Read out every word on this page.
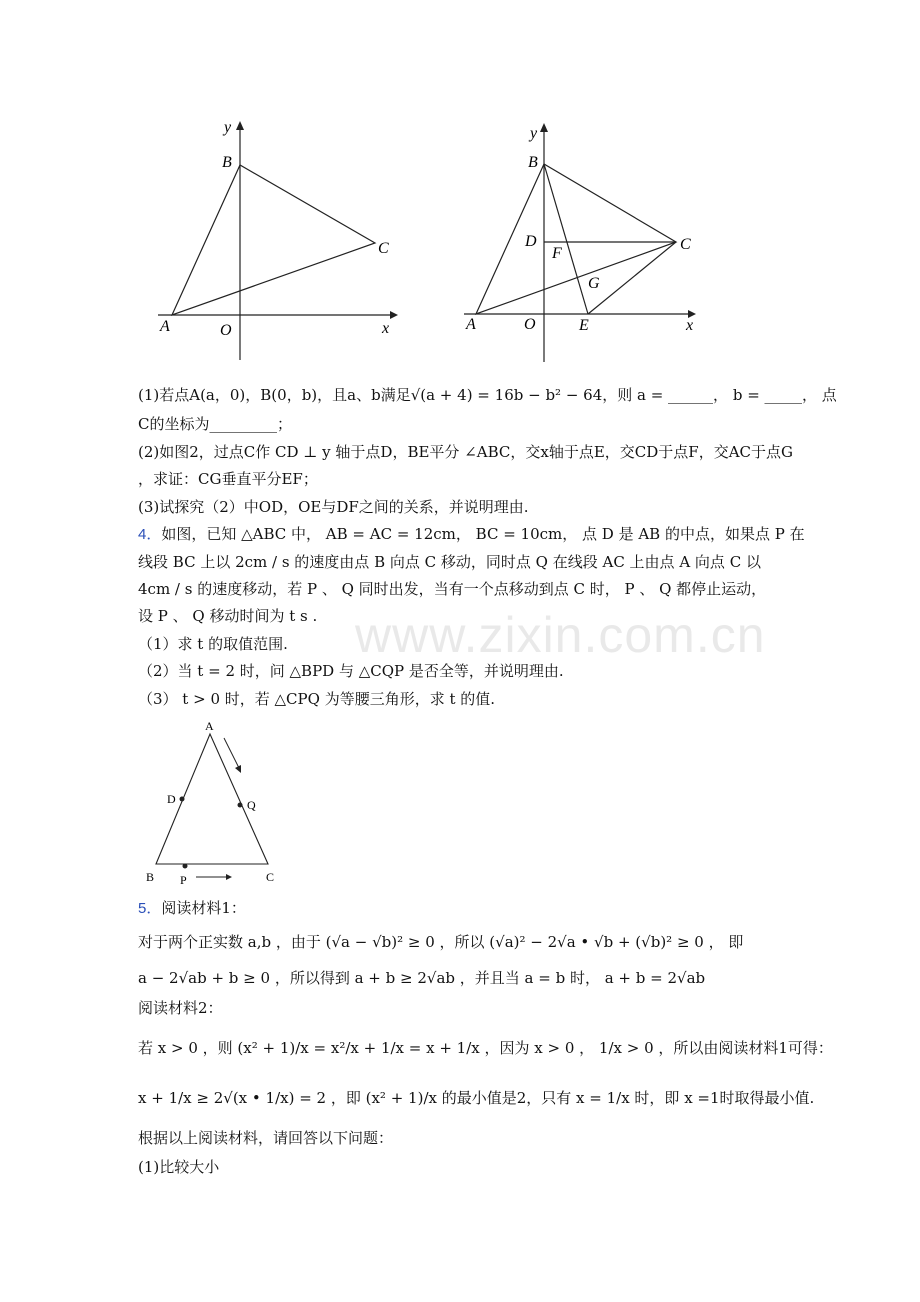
y
B
C
A	O	x
y
B
D
F
C
G
A	O	E	x
(1)若点A(a，0)，B(0，b)，且a、b满足√(a + 4) = 16b − b² − 64，则 a = ______， b = _____， 点
C的坐标为_________；
(2)如图2，过点C作 CD ⊥ y 轴于点D，BE平分 ∠ABC，交x轴于点E，交CD于点F，交AC于点G
，求证：CG垂直平分EF；
(3)试探究（2）中OD，OE与DF之间的关系，并说明理由.
4．如图，已知 △ABC 中， AB = AC = 12cm， BC = 10cm， 点 D 是 AB 的中点，如果点 P 在
线段 BC 上以 2cm / s 的速度由点 B 向点 C 移动，同时点 Q 在线段 AC 上由点 A 向点 C 以
4cm / s 的速度移动，若 P 、 Q 同时出发，当有一个点移动到点 C 时， P 、 Q 都停止运动，
设 P 、 Q 移动时间为 t s .
（1）求 t 的取值范围.
（2）当 t = 2 时，问 △BPD 与 △CQP 是否全等，并说明理由.
（3） t > 0 时，若 △CPQ 为等腰三角形，求 t 的值.
A
D	Q
B P	C
www.zixin.com.cn
5．阅读材料1：
对于两个正实数 a,b ，由于 (√a − √b)² ≥ 0 ，所以 (√a)² − 2√a • √b + (√b)² ≥ 0 ， 即
a − 2√ab + b ≥ 0 ，所以得到 a + b ≥ 2√ab ，并且当 a = b 时， a + b = 2√ab
阅读材料2：
若 x > 0 ，则 (x² + 1)/x = x²/x + 1/x = x + 1/x ，因为 x > 0 ， 1/x > 0 ，所以由阅读材料1可得：
x + 1/x ≥ 2√(x • 1/x) = 2 ，即 (x² + 1)/x 的最小值是2，只有 x = 1/x 时，即 x =1时取得最小值.
根据以上阅读材料，请回答以下问题：
(1)比较大小
